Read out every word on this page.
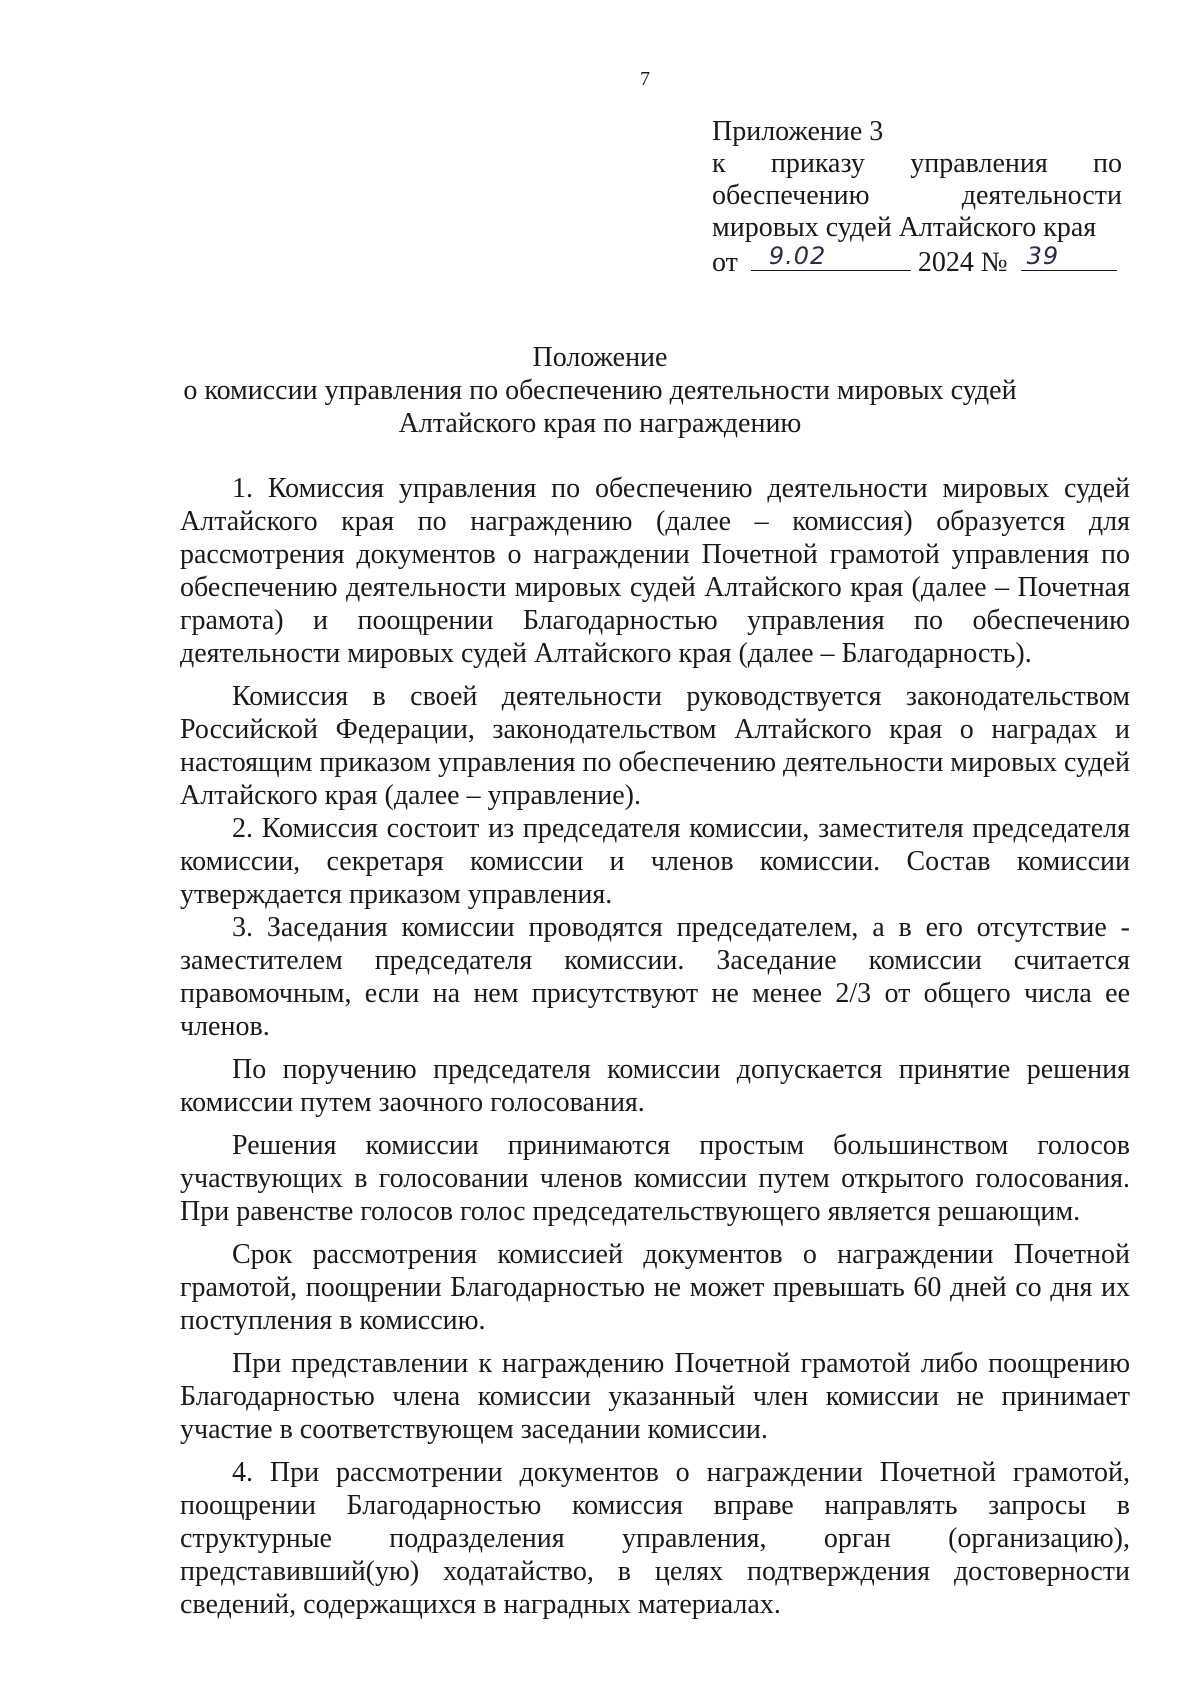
7
Приложение 3
к приказу управления по
обеспечению деятельности
мировых судей Алтайского края
от 9.02	2024 № 39
Положение
о комиссии управления по обеспечению деятельности мировых судей
Алтайского края по награждению

1. Комиссия управления по обеспечению деятельности мировых судей Алтайского края по награждению (далее – комиссия) образуется для рассмотрения документов о награждении Почетной грамотой управления по обеспечению деятельности мировых судей Алтайского края (далее – Почетная грамота) и поощрении Благодарностью управления по обеспечению деятельности мировых судей Алтайского края (далее – Благодарность).

Комиссия в своей деятельности руководствуется законодательством Российской Федерации, законодательством Алтайского края о наградах и настоящим приказом управления по обеспечению деятельности мировых судей Алтайского края (далее – управление).

2. Комиссия состоит из председателя комиссии, заместителя председателя комиссии, секретаря комиссии и членов комиссии. Состав комиссии утверждается приказом управления.

3. Заседания комиссии проводятся председателем, а в его отсутствие - заместителем председателя комиссии. Заседание комиссии считается правомочным, если на нем присутствуют не менее 2/3 от общего числа ее членов.

По поручению председателя комиссии допускается принятие решения комиссии путем заочного голосования.

Решения комиссии принимаются простым большинством голосов участвующих в голосовании членов комиссии путем открытого голосования. При равенстве голосов голос председательствующего является решающим.

Срок рассмотрения комиссией документов о награждении Почетной грамотой, поощрении Благодарностью не может превышать 60 дней со дня их поступления в комиссию.

При представлении к награждению Почетной грамотой либо поощрению Благодарностью члена комиссии указанный член комиссии не принимает участие в соответствующем заседании комиссии.

4. При рассмотрении документов о награждении Почетной грамотой, поощрении Благодарностью комиссия вправе направлять запросы в структурные подразделения управления, орган (организацию), представивший(ую) ходатайство, в целях подтверждения достоверности сведений, содержащихся в наградных материалах.
